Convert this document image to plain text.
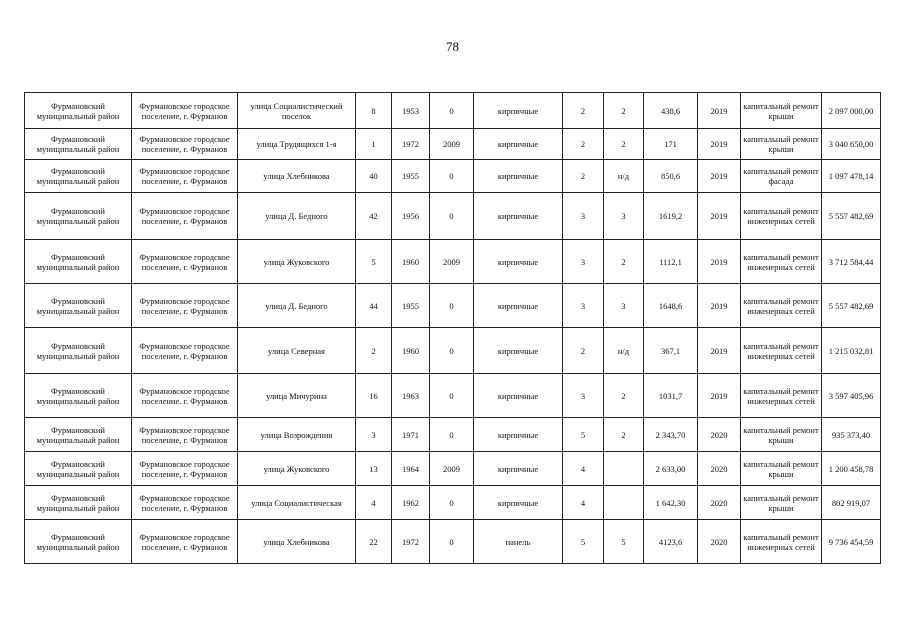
78
Фурмановский муниципальный район	Фурмановское городское поселение, г. Фурманов	улица Социалистический поселок	8	1953	0	кирпичные	2	2	438,6	2019	капитальный ремонт крыши	2 097 000,00
Фурмановский муниципальный район	Фурмановское городское поселение, г. Фурманов	улица Трудящихся 1-я	1	1972	2009	кирпичные	2	2	171	2019	капитальный ремонт крыши	3 040 650,00
Фурмановский муниципальный район	Фурмановское городское поселение, г. Фурманов	улица Хлебникова	40	1955	0	кирпичные	2	н/д	850,6	2019	капитальный ремонт фасада	1 097 478,14
Фурмановский муниципальный район	Фурмановское городское поселение, г. Фурманов	улица Д. Бедного	42	1956	0	кирпичные	3	3	1619,2	2019	капитальный ремонт инженерных сетей	5 557 482,69
Фурмановский муниципальный район	Фурмановское городское поселение, г. Фурманов	улица Жуковского	5	1960	2009	кирпичные	3	2	1112,1	2019	капитальный ремонт инженерных сетей	3 712 584,44
Фурмановский муниципальный район	Фурмановское городское поселение, г. Фурманов	улица Д. Бедного	44	1955	0	кирпичные	3	3	1648,6	2019	капитальный ремонт инженерных сетей	5 557 482,69
Фурмановский муниципальный район	Фурмановское городское поселение, г. Фурманов	улица Северная	2	1960	0	кирпичные	2	н/д	367,1	2019	капитальный ремонт инженерных сетей	1 215 032,81
Фурмановский муниципальный район	Фурмановское городское поселение. г. Фурманов	улица Мичурина	16	1963	0	кирпичные	3	2	1031,7	2019	капитальный ремонт инженерных сетей	3 597 405,96
Фурмановский муниципальный район	Фурмановское городское поселение, г. Фурманов	улица Возрождения	3	1971	0	кирпичные	5	2	2 343,70	2020	капитальный ремонт крыши	935 373,40
Фурмановский муниципальный район	Фурмановское городское поселение, г. Фурманов	улица Жуковского	13	1964	2009	кирпичные	4		2 633,00	2020	капитальный ремонт крыши	1 200 458,78
Фурмановский муниципальный район	Фурмановское городское поселение, г. Фурманов	улица Социалистическая	4	1962	0	кирпичные	4		1 642,30	2020	капитальный ремонт крыши	802 919,07
Фурмановский муниципальный район	Фурмановское городское поселение, г. Фурманов	улица Хлебникова	22	1972	0	панель	5	5	4123,6	2020	капитальный ремонт инженерных сетей	9 736 454,59
